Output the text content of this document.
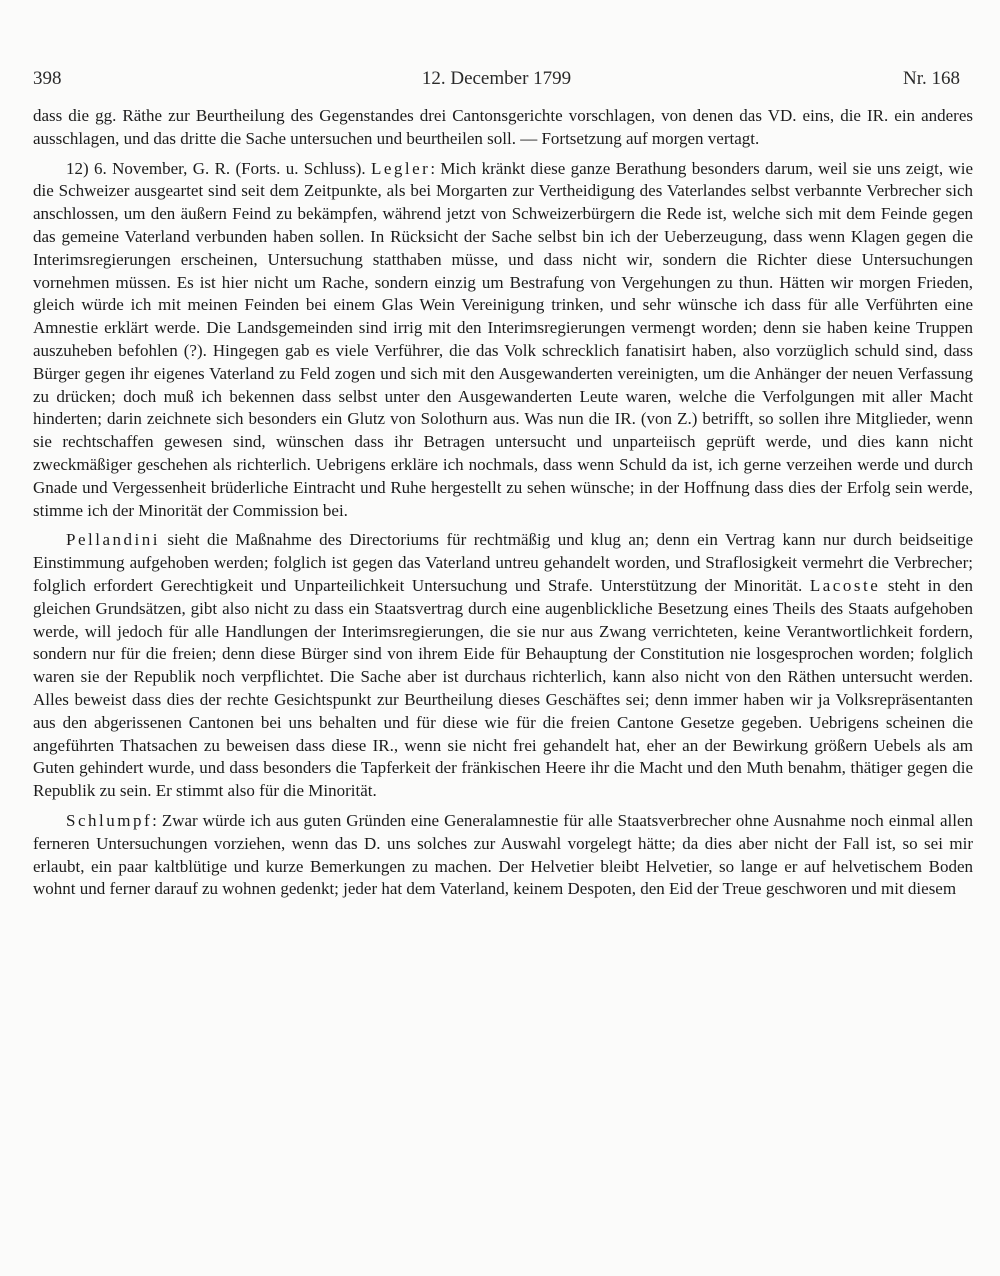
398	12. December 1799	Nr. 168

dass die gg. Räthe zur Beurtheilung des Gegenstandes drei Cantonsgerichte vorschlagen, von denen das VD. eins, die IR. ein anderes ausschlagen, und das dritte die Sache untersuchen und beurtheilen soll. — Fortsetzung auf morgen vertagt.

12) 6. November, G. R. (Forts. u. Schluss). Legler: Mich kränkt diese ganze Berathung besonders darum, weil sie uns zeigt, wie die Schweizer ausgeartet sind seit dem Zeitpunkte, als bei Morgarten zur Vertheidigung des Vaterlandes selbst verbannte Verbrecher sich anschlossen, um den äußern Feind zu bekämpfen, während jetzt von Schweizerbürgern die Rede ist, welche sich mit dem Feinde gegen das gemeine Vaterland verbunden haben sollen. In Rücksicht der Sache selbst bin ich der Ueberzeugung, dass wenn Klagen gegen die Interimsregierungen erscheinen, Untersuchung statthaben müsse, und dass nicht wir, sondern die Richter diese Untersuchungen vornehmen müssen. Es ist hier nicht um Rache, sondern einzig um Bestrafung von Vergehungen zu thun. Hätten wir morgen Frieden, gleich würde ich mit meinen Feinden bei einem Glas Wein Vereinigung trinken, und sehr wünsche ich dass für alle Verführten eine Amnestie erklärt werde. Die Landsgemeinden sind irrig mit den Interimsregierungen vermengt worden; denn sie haben keine Truppen auszuheben befohlen (?). Hingegen gab es viele Verführer, die das Volk schrecklich fanatisirt haben, also vorzüglich schuld sind, dass Bürger gegen ihr eigenes Vaterland zu Feld zogen und sich mit den Ausgewanderten vereinigten, um die Anhänger der neuen Verfassung zu drücken; doch muß ich bekennen dass selbst unter den Ausgewanderten Leute waren, welche die Verfolgungen mit aller Macht hinderten; darin zeichnete sich besonders ein Glutz von Solothurn aus. Was nun die IR. (von Z.) betrifft, so sollen ihre Mitglieder, wenn sie rechtschaffen gewesen sind, wünschen dass ihr Betragen untersucht und unparteiisch geprüft werde, und dies kann nicht zweckmäßiger geschehen als richterlich. Uebrigens erkläre ich nochmals, dass wenn Schuld da ist, ich gerne verzeihen werde und durch Gnade und Vergessenheit brüderliche Eintracht und Ruhe hergestellt zu sehen wünsche; in der Hoffnung dass dies der Erfolg sein werde, stimme ich der Minorität der Commission bei.

Pellandini sieht die Maßnahme des Directoriums für rechtmäßig und klug an; denn ein Vertrag kann nur durch beidseitige Einstimmung aufgehoben werden; folglich ist gegen das Vaterland untreu gehandelt worden, und Straflosigkeit vermehrt die Verbrecher; folglich erfordert Gerechtigkeit und Unparteilichkeit Untersuchung und Strafe. Unterstützung der Minorität. Lacoste steht in den gleichen Grundsätzen, gibt also nicht zu dass ein Staatsvertrag durch eine augenblickliche Besetzung eines Theils des Staats aufgehoben werde, will jedoch für alle Handlungen der Interimsregierungen, die sie nur aus Zwang verrichteten, keine Verantwortlichkeit fordern, sondern nur für die freien; denn diese Bürger sind von ihrem Eide für Behauptung der Constitution nie losgesprochen worden; folglich waren sie der Republik noch verpflichtet. Die Sache aber ist durchaus richterlich, kann also nicht von den Räthen untersucht werden. Alles beweist dass dies der rechte Gesichtspunkt zur Beurtheilung dieses Geschäftes sei; denn immer haben wir ja Volksrepräsentanten aus den abgerissenen Cantonen bei uns behalten und für diese wie für die freien Cantone Gesetze gegeben. Uebrigens scheinen die angeführten Thatsachen zu beweisen dass diese IR., wenn sie nicht frei gehandelt hat, eher an der Bewirkung größern Uebels als am Guten gehindert wurde, und dass besonders die Tapferkeit der fränkischen Heere ihr die Macht und den Muth benahm, thätiger gegen die Republik zu sein. Er stimmt also für die Minorität.

Schlumpf: Zwar würde ich aus guten Gründen eine Generalamnestie für alle Staatsverbrecher ohne Ausnahme noch einmal allen ferneren Untersuchungen vorziehen, wenn das D. uns solches zur Auswahl vorgelegt hätte; da dies aber nicht der Fall ist, so sei mir erlaubt, ein paar kaltblütige und kurze Bemerkungen zu machen. Der Helvetier bleibt Helvetier, so lange er auf helvetischem Boden wohnt und ferner darauf zu wohnen gedenkt; jeder hat dem Vaterland, keinem Despoten, den Eid der Treue geschworen und mit diesem
